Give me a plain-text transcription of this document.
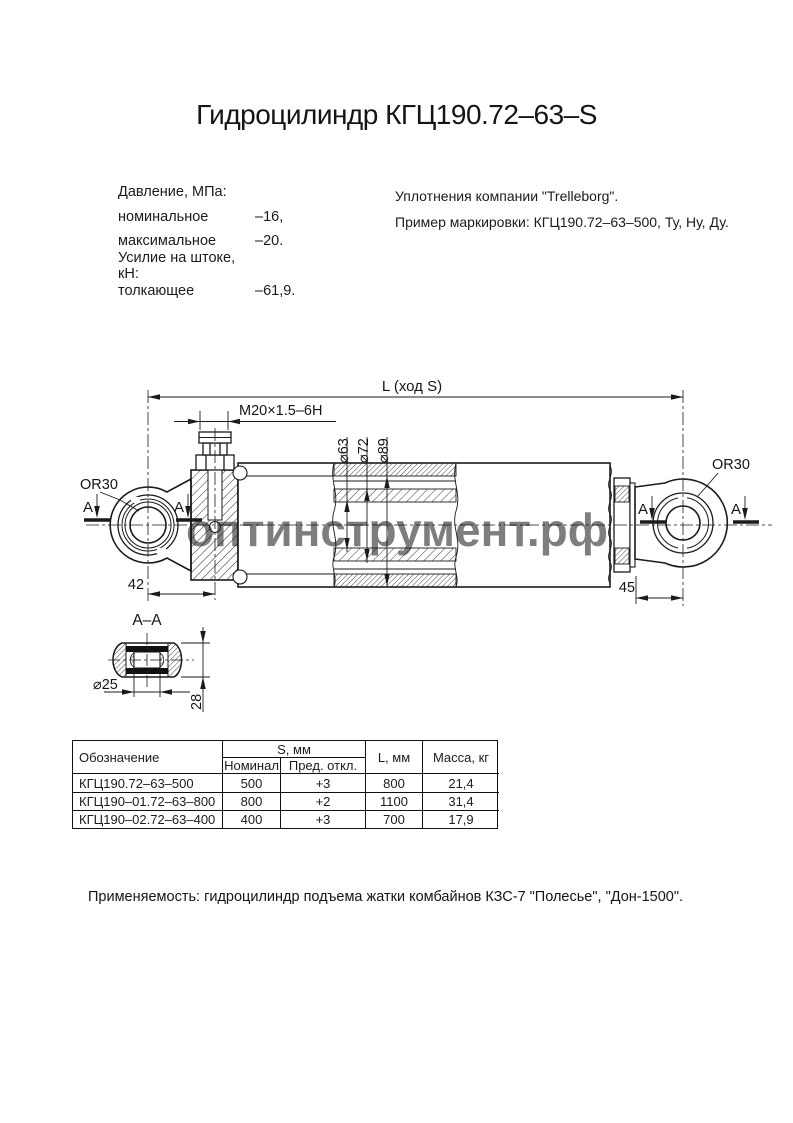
Гидроцилиндр КГЦ190.72–63–S
Давление, МПа:
номинальное	–16,
максимальное	–20.
Усилие на штоке, кН:
толкающее	–61,9.
Уплотнения компании "Trelleborg".
Пример маркировки: КГЦ190.72–63–500, Ту, Ну, Ду.
L (ход S)
M20×1.5–6H
⌀63 ⌀72 ⌀89
OR30
OR30
42	45
A	A	A	A
А–А
⌀25
28
оптинструмент.рф
Обозначение
S, мм
L, мм	Масса, кг
Номинал Пред. откл.
КГЦ190.72–63–500	500	+3	800	21,4
КГЦ190–01.72–63–800	800	+2	1100	31,4
КГЦ190–02.72–63–400	400	+3	700	17,9
Применяемость: гидроцилиндр подъема жатки комбайнов КЗС-7 "Полесье", "Дон-1500".
